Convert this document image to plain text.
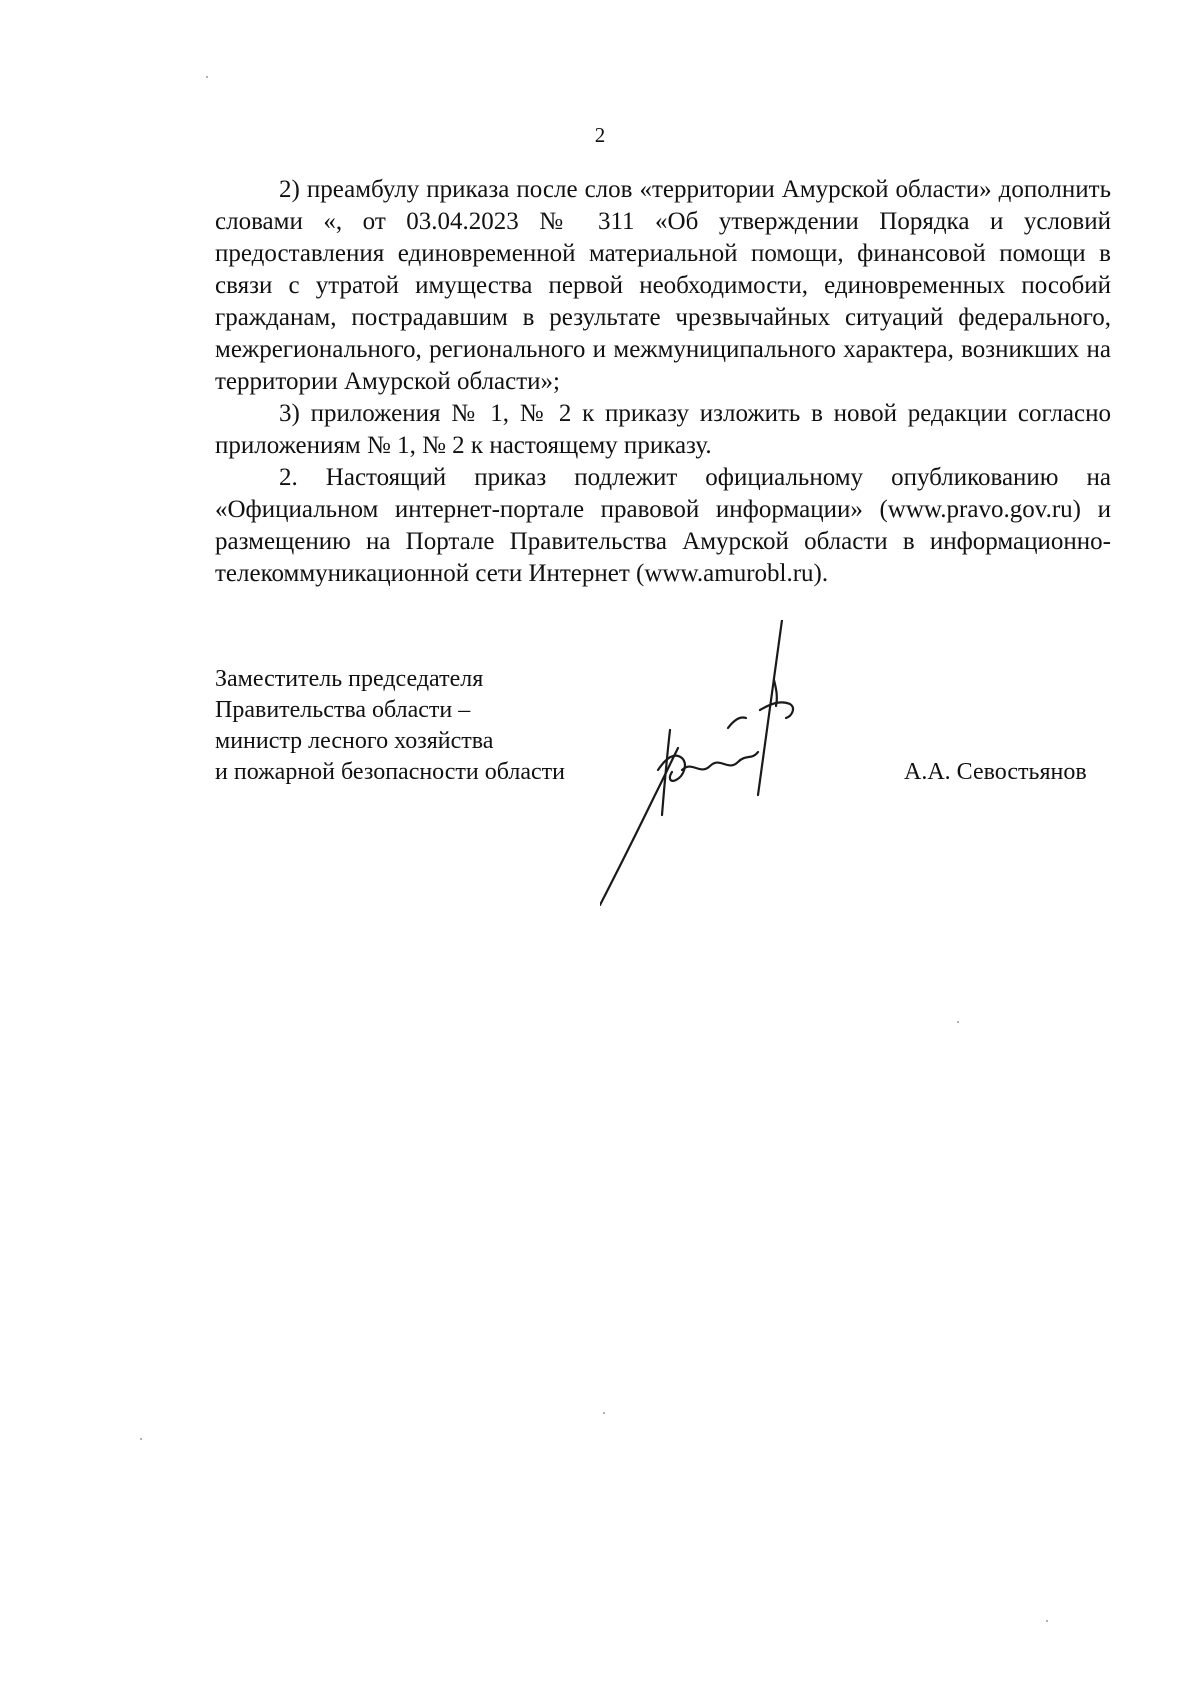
2

2) преамбулу приказа после слов «территории Амурской области» дополнить словами «, от 03.04.2023 № 311 «Об утверждении Порядка и условий предоставления единовременной материальной помощи, финансовой помощи в связи с утратой имущества первой необходимости, единовременных пособий гражданам, пострадавшим в результате чрезвычайных ситуаций федерального, межрегионального, регионального и межмуниципального характера, возникших на территории Амурской области»;

3) приложения № 1, № 2 к приказу изложить в новой редакции согласно приложениям № 1, № 2 к настоящему приказу.

2. Настоящий приказ подлежит официальному опубликованию на «Официальном интернет-портале правовой информации» (www.pravo.gov.ru) и размещению на Портале Правительства Амурской области в информационно-телекоммуникационной сети Интернет (www.amurobl.ru).

Заместитель председателя
Правительства области –
министр лесного хозяйства
и пожарной безопасности области	А.А. Севостьянов
